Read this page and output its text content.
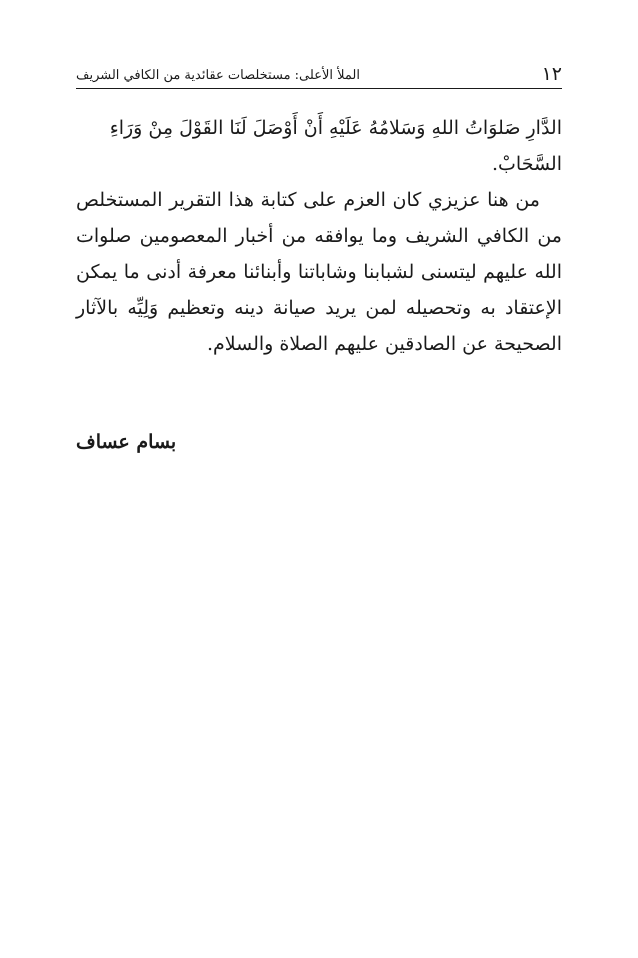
١٢
الملأ الأعلى: مستخلصات عقائدية من الكافي الشريف

الدَّارِ صَلوَاتُ اللهِ وَسَلامُهُ عَلَيْهِ أَنْ أَوْصَلَ لَنَا القَوْلَ مِنْ وَرَاءِ السَّحَابْ.

من هنا عزيزي كان العزم على كتابة هذا التقرير المستخلص من الكافي الشريف وما يوافقه من أخبار المعصومين صلوات الله عليهم ليتسنى لشبابنا وشاباتنا وأبنائنا معرفة أدنى ما يمكن الإعتقاد به وتحصيله لمن يريد صيانة دينه وتعظيم وَلِيِّه بالآثار الصحيحة عن الصادقين عليهم الصلاة والسلام.

بسام عساف
